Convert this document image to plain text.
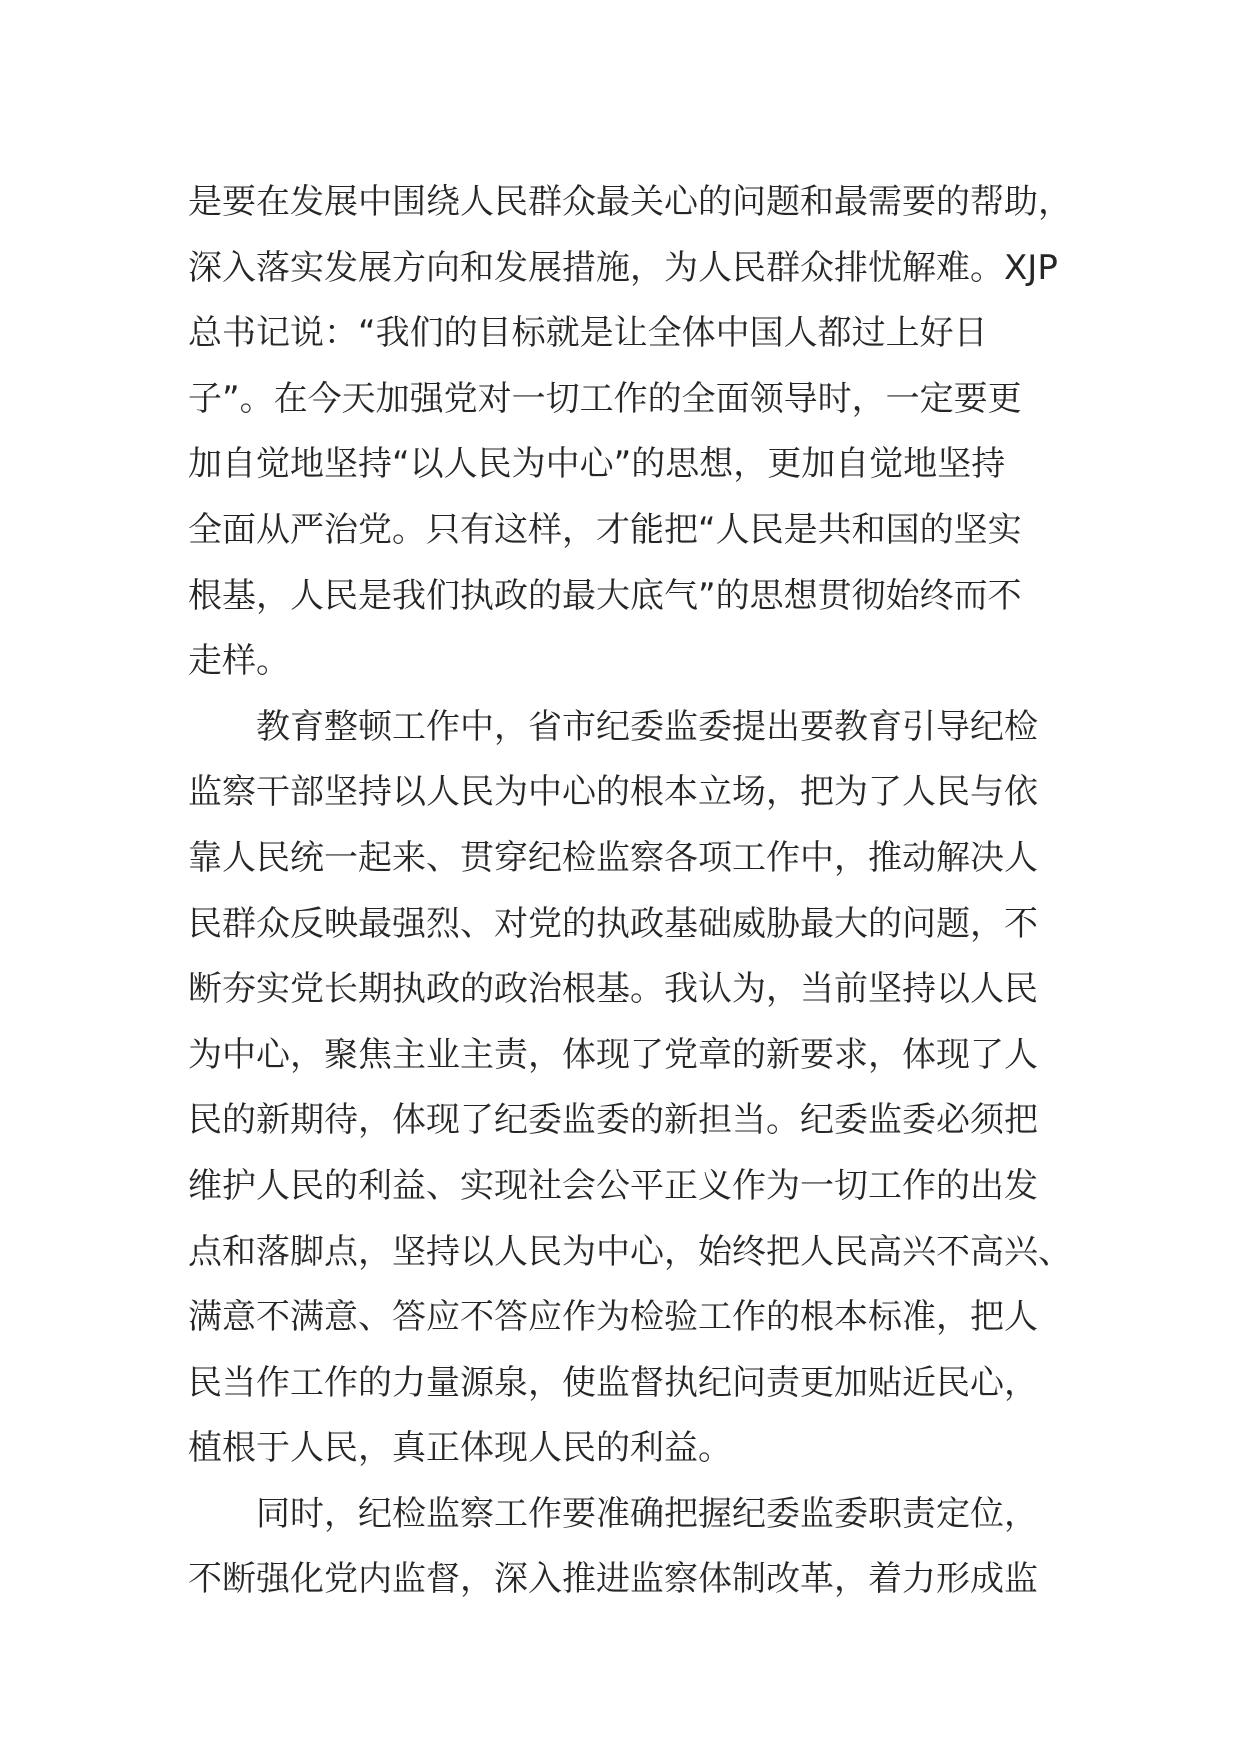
是要在发展中围绕人民群众最关心的问题和最需要的帮助，
深入落实发展方向和发展措施，为人民群众排忧解难。XJP
总书记说：“我们的目标就是让全体中国人都过上好日
子”。在今天加强党对一切工作的全面领导时，一定要更
加自觉地坚持“以人民为中心”的思想，更加自觉地坚持
全面从严治党。只有这样，才能把“人民是共和国的坚实
根基，人民是我们执政的最大底气”的思想贯彻始终而不
走样。
教育整顿工作中，省市纪委监委提出要教育引导纪检
监察干部坚持以人民为中心的根本立场，把为了人民与依
靠人民统一起来、贯穿纪检监察各项工作中，推动解决人
民群众反映最强烈、对党的执政基础威胁最大的问题，不
断夯实党长期执政的政治根基。我认为，当前坚持以人民
为中心，聚焦主业主责，体现了党章的新要求，体现了人
民的新期待，体现了纪委监委的新担当。纪委监委必须把
维护人民的利益、实现社会公平正义作为一切工作的出发
点和落脚点，坚持以人民为中心，始终把人民高兴不高兴、
满意不满意、答应不答应作为检验工作的根本标准，把人
民当作工作的力量源泉，使监督执纪问责更加贴近民心，
植根于人民，真正体现人民的利益。
同时，纪检监察工作要准确把握纪委监委职责定位，
不断强化党内监督，深入推进监察体制改革，着力形成监
